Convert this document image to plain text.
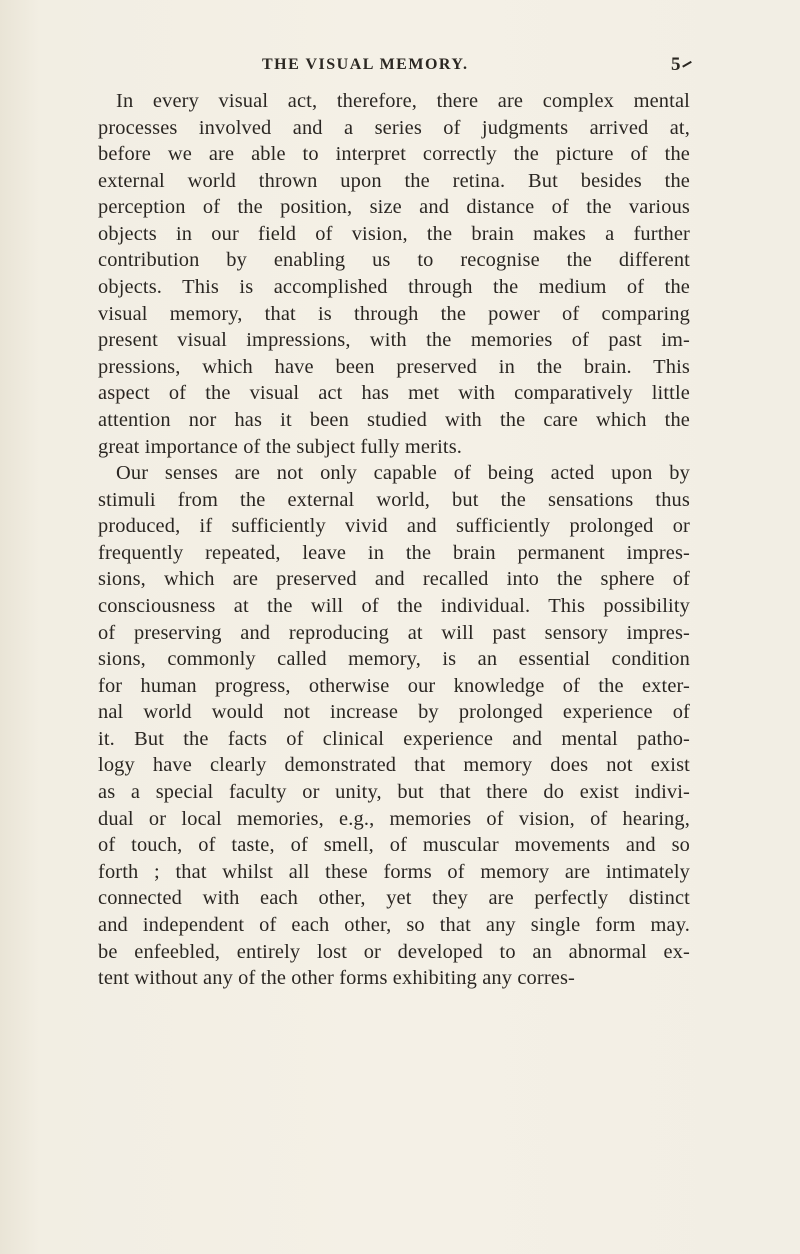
THE VISUAL MEMORY.	5
In every visual act, therefore, there are complex mental
processes involved and a series of judgments arrived at,
before we are able to interpret correctly the picture of the
external world thrown upon the retina. But besides the
perception of the position, size and distance of the various
objects in our field of vision, the brain makes a further
contribution by enabling us to recognise the different
objects. This is accomplished through the medium of the
visual memory, that is through the power of comparing
present visual impressions, with the memories of past im-
pressions, which have been preserved in the brain. This
aspect of the visual act has met with comparatively little
attention nor has it been studied with the care which the
great importance of the subject fully merits.
Our senses are not only capable of being acted upon by
stimuli from the external world, but the sensations thus
produced, if sufficiently vivid and sufficiently prolonged or
frequently repeated, leave in the brain permanent impres-
sions, which are preserved and recalled into the sphere of
consciousness at the will of the individual. This possibility
of preserving and reproducing at will past sensory impres-
sions, commonly called memory, is an essential condition
for human progress, otherwise our knowledge of the exter-
nal world would not increase by prolonged experience of
it. But the facts of clinical experience and mental patho-
logy have clearly demonstrated that memory does not exist
as a special faculty or unity, but that there do exist indivi-
dual or local memories, e.g., memories of vision, of hearing,
of touch, of taste, of smell, of muscular movements and so
forth ; that whilst all these forms of memory are intimately
connected with each other, yet they are perfectly distinct
and independent of each other, so that any single form may.
be enfeebled, entirely lost or developed to an abnormal ex-
tent without any of the other forms exhibiting any corres-
